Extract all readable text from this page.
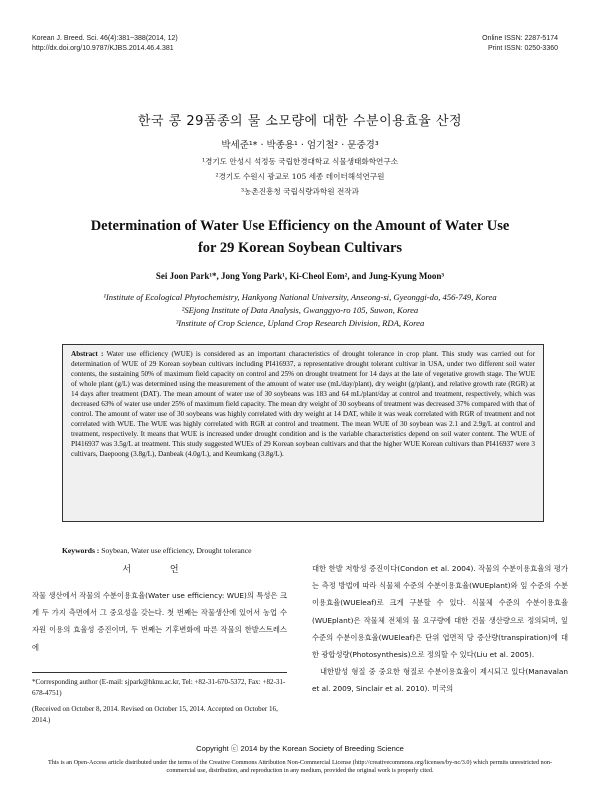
Korean J. Breed. Sci. 46(4):381~388(2014, 12)
http://dx.doi.org/10.9787/KJBS.2014.46.4.381
Online ISSN: 2287-5174
Print ISSN: 0250-3360
한국 콩 29품종의 물 소모량에 대한 수분이용효율 산정
박세준¹* · 박종용¹ · 엄기철² · 문중경³
¹경기도 안성시 석정동 국립한경대학교 식물생태화학연구소
²경기도 수원시 광교로 105 세종 데이터해석연구원
³농촌진흥청 국립식량과학원 전작과
Determination of Water Use Efficiency on the Amount of Water Use
for 29 Korean Soybean Cultivars
Sei Joon Park¹*, Jong Yong Park¹, Ki-Cheol Eom², and Jung-Kyung Moon³
¹Institute of Ecological Phytochemistry, Hankyong National University, Anseong-si, Gyeonggi-do, 456-749, Korea
²SEjong Institute of Data Analysis, Gwanggyo-ro 105, Suwon, Korea
³Institute of Crop Science, Upland Crop Research Division, RDA, Korea
Abstract : Water use efficiency (WUE) is considered as an important characteristics of drought tolerance in crop plant. This study was carried out for determination of WUE of 29 Korean soybean cultivars including PI416937, a representative drought tolerant cultivar in USA, under two different soil water contents, the sustaining 50% of maximum field capacity on control and 25% on drought treatment for 14 days at the late of vegetative growth stage. The WUE of whole plant (g/L) was determined using the measurement of the amount of water use (mL/day/plant), dry weight (g/plant), and relative growth rate (RGR) at 14 days after treatment (DAT). The mean amount of water use of 30 soybeans was 183 and 64 mL/plant/day at control and treatment, respectively, which was decreased 63% of water use under 25% of maximum field capacity. The mean dry weight of 30 soybeans of treatment was decreased 37% compared with that of control. The amount of water use of 30 soybeans was highly correlated with dry weight at 14 DAT, while it was weak correlated with RGR of treatment and not correlated with WUE. The WUE was highly correlated with RGR at control and treatment. The mean WUE of 30 soybean was 2.1 and 2.9g/L at control and treatment, respectively. It means that WUE is increased under drought condition and is the variable characteristics depend on soil water content. The WUE of PI416937 was 3.5g/L at treatment. This study suggested WUEs of 29 Korean soybean cultivars and that the higher WUE Korean cultivars than PI416937 were 3 cultivars, Daepoong (3.8g/L), Danbeak (4.0g/L), and Keumkang (3.8g/L).
Keywords : Soybean, Water use efficiency, Drought tolerance
서 언

작물 생산에서 작물의 수분이용효율(Water use efficiency: WUE)의 특성은 크게 두 가지 측면에서 그 중요성을 갖는다. 첫 번째는 작물생산에 있어서 농업 수자원 이용의 효율성 증진이며, 두 번째는 기후변화에 따른 작물의 한발스트레스에

대한 한발 저항성 증진이다(Condon et al. 2004). 작물의 수분이용효율의 평가는 측정 방법에 따라 식물체 수준의 수분이용효율(WUEplant)와 잎 수준의 수분이용효율(WUEleaf)로 크게 구분할 수 있다. 식물체 수준의 수분이용효율(WUEplant)은 작물체 전체의 물 요구량에 대한 건물 생산량으로 정의되며, 잎 수준의 수분이용효율(WUEleaf)은 단위 엽면적 당 증산량(transpiration)에 대한 광합성량(Photosynthesis)으로 정의할 수 있다(Liu et al. 2005).

내한발성 형질 중 중요한 형질로 수분이용효율이 제시되고 있다(Manavalan et al. 2009, Sinclair et al. 2010). 미국의

*Corresponding author (E-mail: sjpark@hknu.ac.kr, Tel: +82-31-670-5372, Fax: +82-31-678-4751)
(Received on October 8, 2014. Revised on October 15, 2014. Accepted on October 16, 2014.)
Copyright ⓒ 2014 by the Korean Society of Breeding Science
This is an Open-Access article distributed under the terms of the Creative Commons Attribution Non-Commercial License (http://creativecommons.org/licenses/by-nc/3.0) which permits unrestricted non-commercial use, distribution, and reproduction in any medium, provided the original work is properly cited.
